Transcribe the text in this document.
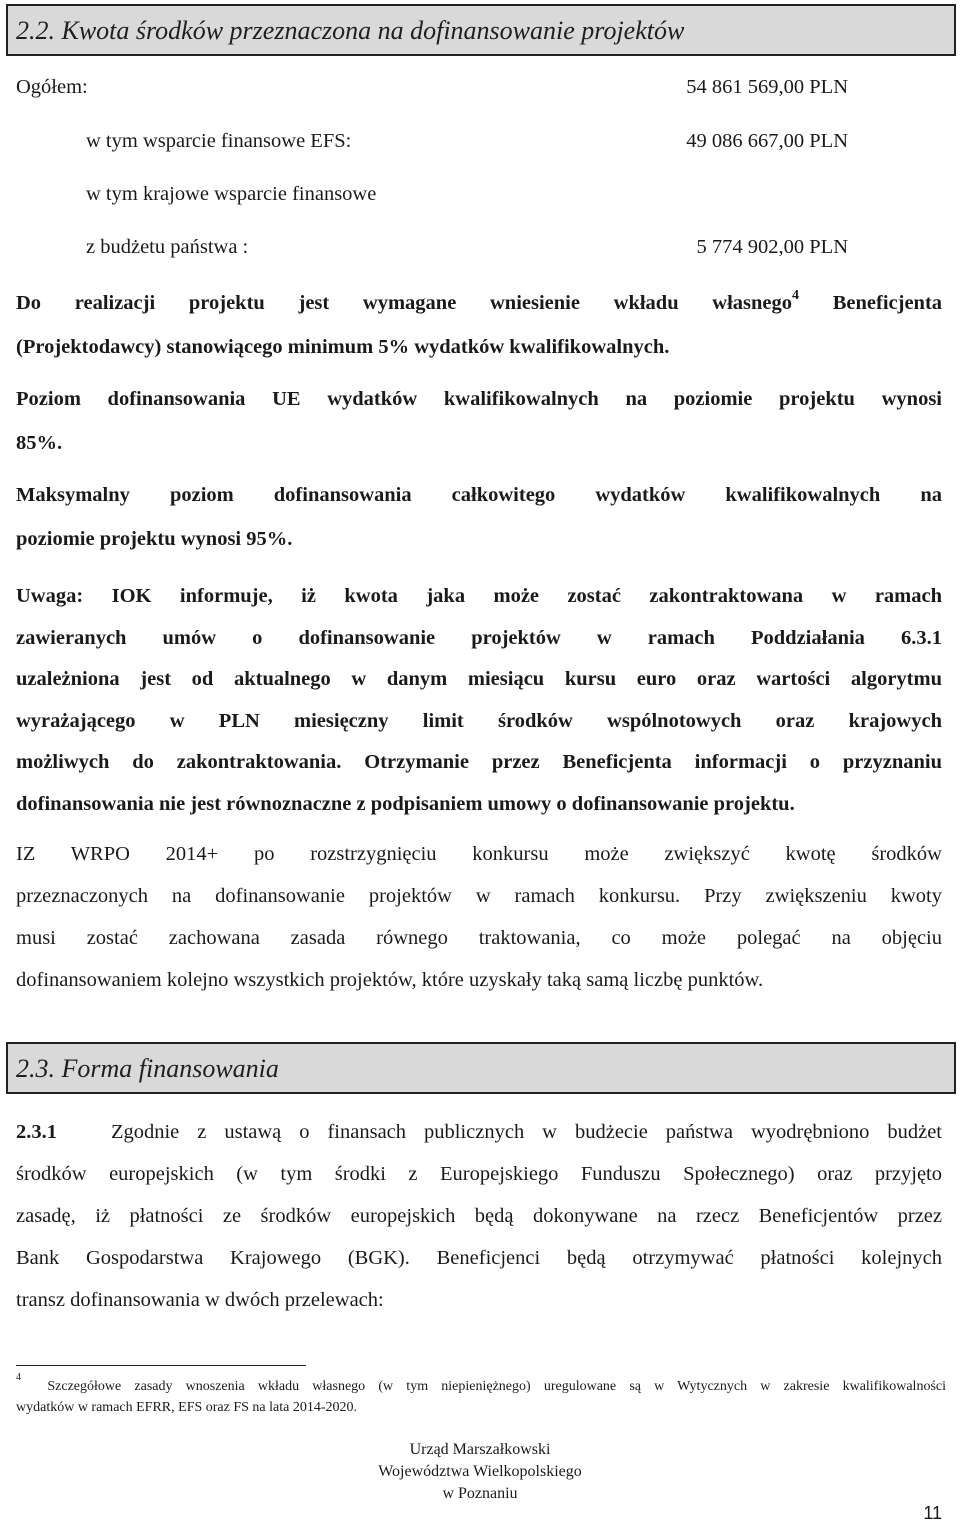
2.2. Kwota środków przeznaczona na dofinansowanie projektów
Ogółem:	54 861 569,00 PLN
w tym wsparcie finansowe EFS:	49 086 667,00 PLN
w tym krajowe wsparcie finansowe
z budżetu państwa :	5 774 902,00 PLN
Do realizacji projektu jest wymagane wniesienie wkładu własnego$^4$ Beneficjenta
(Projektodawcy) stanowiącego minimum 5% wydatków kwalifikowalnych.
Poziom dofinansowania UE wydatków kwalifikowalnych na poziomie projektu wynosi
85%.
Maksymalny poziom dofinansowania całkowitego wydatków kwalifikowalnych na
poziomie projektu wynosi 95%.
Uwaga: IOK informuje, iż kwota jaka może zostać zakontraktowana w ramach
zawieranych umów o dofinansowanie projektów w ramach Poddziałania 6.3.1
uzależniona jest od aktualnego w danym miesiącu kursu euro oraz wartości algorytmu
wyrażającego w PLN miesięczny limit środków wspólnotowych oraz krajowych
możliwych do zakontraktowania. Otrzymanie przez Beneficjenta informacji o przyznaniu
dofinansowania nie jest równoznaczne z podpisaniem umowy o dofinansowanie projektu.
IZ WRPO 2014+ po rozstrzygnięciu konkursu może zwiększyć kwotę środków
przeznaczonych na dofinansowanie projektów w ramach konkursu. Przy zwiększeniu kwoty
musi zostać zachowana zasada równego traktowania, co może polegać na objęciu
dofinansowaniem kolejno wszystkich projektów, które uzyskały taką samą liczbę punktów.
2.3. Forma finansowania
2.3.1	Zgodnie z ustawą o finansach publicznych w budżecie państwa wyodrębniono budżet
środków europejskich (w tym środki z Europejskiego Funduszu Społecznego) oraz przyjęto
zasadę, iż płatności ze środków europejskich będą dokonywane na rzecz Beneficjentów przez
Bank Gospodarstwa Krajowego (BGK). Beneficjenci będą otrzymywać płatności kolejnych
transz dofinansowania w dwóch przelewach:
$^4$  Szczegółowe zasady wnoszenia wkładu własnego (w tym niepieniężnego) uregulowane są w Wytycznych w zakresie kwalifikowalności
wydatków w ramach EFRR, EFS oraz FS na lata 2014-2020.
Urząd Marszałkowski
Województwa Wielkopolskiego
w Poznaniu
11
